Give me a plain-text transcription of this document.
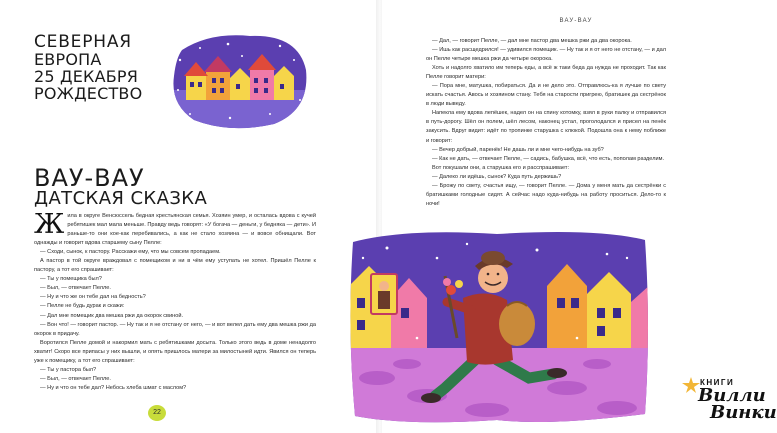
СЕВЕРНАЯ
ЕВРОПА
25 ДЕКАБРЯ
РОЖДЕСТВО
ВАУ-ВАУ
ДАТСКАЯ СКАЗКА

Жила в округе Венсюссель бедная крестьянская семья. Хозяин умер, и осталась вдова с кучей ребятишек мал мала меньше. Правду ведь говорят: «У богача — деньги, у бедняка — дети». И раньше-то они кое-как перебивались, а как не стало хозяина — и вовсе обнищали. Вот однажды и говорит вдова старшему сыну Пелле:

— Сходи, сынок, к пастору. Расскажи ему, что мы совсем пропадаем.

А пастор в той округе враждовал с помещиком и ни в чём ему уступать не хотел. Пришёл Пелле к пастору, а тот его спрашивает:

— Ты у помещика был?

— Был, — отвечает Пелле.

— Ну и что же он тебе дал на бедность?

— Пелле не будь дурак и скажи:

— Дал мне помещик два мешка ржи да окорок свиной.

— Вон что! — говорит пастор. — Ну так и я не отстану от него, — и вот велел дать ему два мешка ржи да окорок в придачу.

Воротился Пелле домой и накормил мать с ребятишками досыта. Только этого ведь в доме ненадолго хватит! Скоро все припасы у них вышли, и опять пришлось матери за милостыней идти. Явился он теперь уже к помещику, а тот его спрашивает:

— Ты у пастора был?

— Был, — отвечает Пелле.

— Ну и что он тебе дал? Небось хлеба шмат с маслом?

22
ВАУ-ВАУ

— Дал, — говорит Пелле, — дал мне пастор два мешка ржи да два окорока.

— Ишь как расщедрился! — удивился помещик. — Ну так и я от него не отстану, — и дал он Пелле четыре мешка ржи да четыре окорока.

Хоть и надолго хватило им теперь еды, а всё ж таки беда да нужда не проходит. Так как Пелле говорит матери:

— Пора мне, матушка, побираться. Да и не дело это. Отправлюсь-ка я лучше по свету искать счастья. Авось и хозяином стану. Тебя на старости пригрею, братишек да сестрёнок в люди выведу.

Напекла ему вдова лепёшек, надел он на спину котомку, взял в руки палку и отправился в путь-дорогу. Шёл он полем, шёл лесом, наконец устал, проголодался и присел на пенёк закусить. Вдруг видит: идёт по тропинке старушка с клюкой. Подошла она к нему поближе и говорит:

— Вечер добрый, паренёк! Не дашь ли и мне чего-нибудь на зуб?

— Как не дать, — отвечает Пелле, — садись, бабушка, всё, что есть, пополам разделим.

Вот покушали они, а старушка его и расспрашивает:

— Далеко ли идёшь, сынок? Куда путь держишь?

— Брожу по свету, счастья ищу, — говорит Пелле. — Дома у меня мать да сестрёнки с братишками голодные сидят. А сейчас надо куда-нибудь на работу проситься. Дело-то к ночи!

КНИГИ
Вилли
Винки
